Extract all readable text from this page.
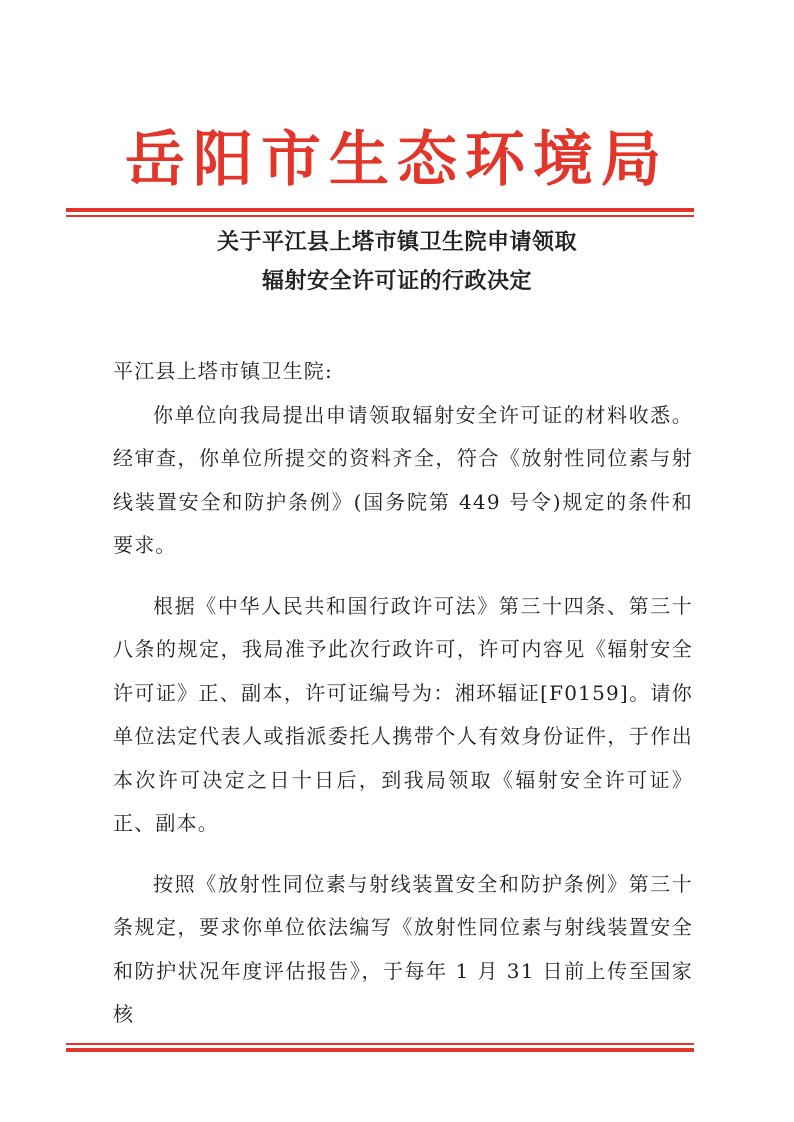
岳阳市生态环境局
关于平江县上塔市镇卫生院申请领取
辐射安全许可证的行政决定

平江县上塔市镇卫生院:

你单位向我局提出申请领取辐射安全许可证的材料收悉。经审查，你单位所提交的资料齐全，符合《放射性同位素与射线装置安全和防护条例》(国务院第 449 号令)规定的条件和要求。

根据《中华人民共和国行政许可法》第三十四条、第三十八条的规定，我局准予此次行政许可，许可内容见《辐射安全许可证》正、副本，许可证编号为：湘环辐证[F0159]。请你单位法定代表人或指派委托人携带个人有效身份证件，于作出本次许可决定之日十日后，到我局领取《辐射安全许可证》正、副本。

按照《放射性同位素与射线装置安全和防护条例》第三十条规定，要求你单位依法编写《放射性同位素与射线装置安全和防护状况年度评估报告》，于每年 1 月 31 日前上传至国家核
